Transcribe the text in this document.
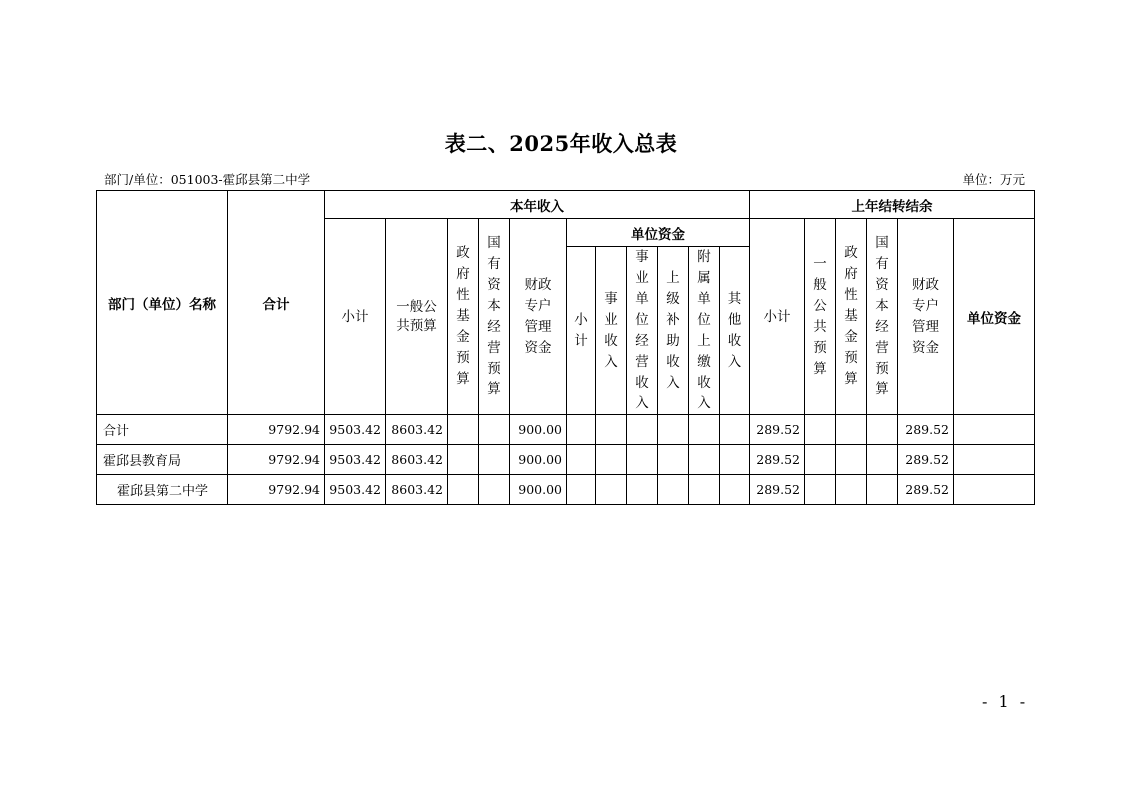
表二、2025年收入总表
部门/单位：051003-霍邱县第二中学	单位：万元
部门（单位）名称	合计	本年收入											上年结转结余					
		小计	一般公共预算	政府性基金预算	国有资本经营预算	财政专户管理资金	单位资金						小计	一般公共预算	政府性基金预算	国有资本经营预算	财政专户管理资金	单位资金
							小计	事业收入	事业单位经营收入	上级补助收入	附属单位上缴收入	其他收入						
合计	9792.94	9503.42	8603.42			900.00							289.52				289.52	
霍邱县教育局	9792.94	9503.42	8603.42			900.00							289.52				289.52	
霍邱县第二中学	9792.94	9503.42	8603.42			900.00							289.52				289.52	
- 1 -
